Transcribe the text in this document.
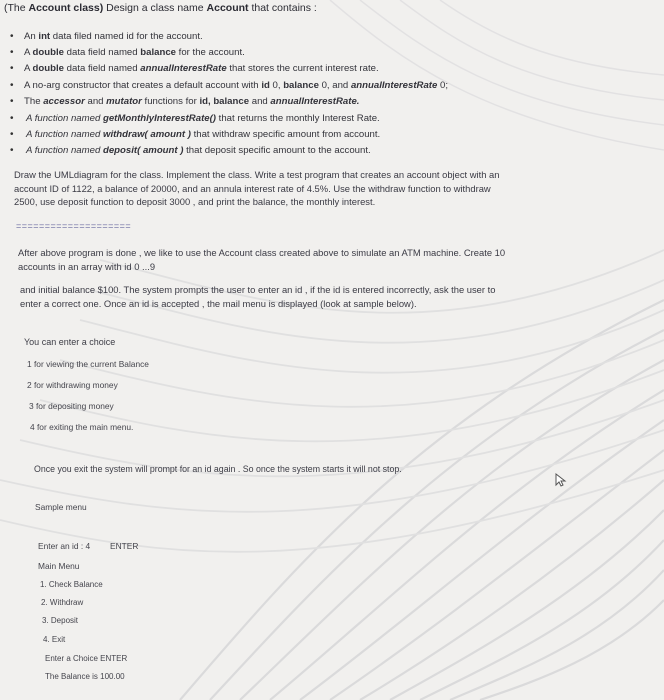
(The Account class) Design a class name Account that contains :
• An int data filed named id for the account.
• A double data field named balance for the account.
• A double data field named annualInterestRate that stores the current interest rate.
• A no-arg constructor that creates a default account with id 0, balance 0, and annualInterestRate 0;
• The accessor and mutator functions for id, balance and annualInterestRate.
• A function named getMonthlyInterestRate() that returns the monthly Interest Rate.
• A function named withdraw( amount ) that withdraw specific amount from account.
• A function named deposit( amount ) that deposit specific amount to the account.
Draw the UMLdiagram for the class. Implement the class. Write a test program that creates an account object with an
account ID of 1122, a balance of 20000, and an annula interest rate of 4.5%. Use the withdraw function to withdraw
2500, use deposit function to deposit 3000 , and print the balance, the monthly interest.
====================
After above program is done , we like to use the Account class created above to simulate an ATM machine. Create 10
accounts in an array with id 0 ...9
and initial balance $100. The system prompts the user to enter an id , if the id is entered incorrectly, ask the user to
enter a correct one. Once an id is accepted , the mail menu is displayed (look at sample below).
You can enter a choice
1 for viewing the current Balance
2 for withdrawing money
3 for depositing money
4 for exiting the main menu.
Once you exit the system will prompt for an id again . So once the system starts it will not stop.
Sample menu
Enter an id : 4 ENTER
Main Menu
1. Check Balance
2. Withdraw
3. Deposit
4. Exit
Enter a Choice ENTER
The Balance is 100.00
